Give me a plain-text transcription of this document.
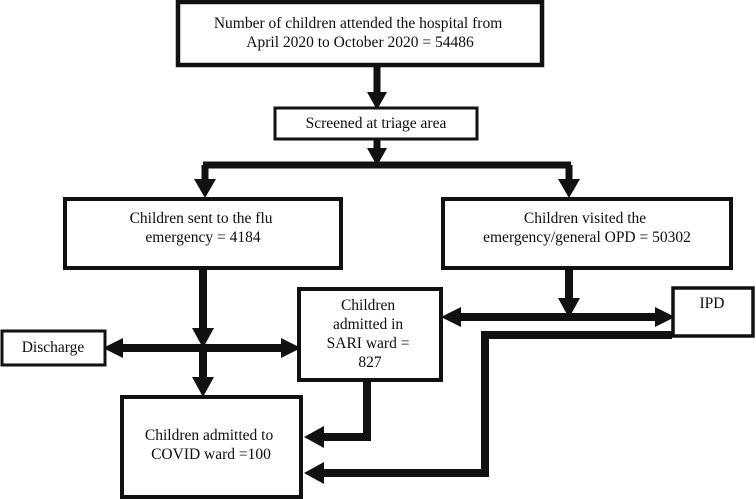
Number of children attended the hospital from April 2020 to October 2020 = 54486
Screened at triage area
Children sent to the flu emergency = 4184
Children visited the emergency/general OPD = 50302
Discharge
Children admitted in SARI ward = 827
IPD
Children admitted to COVID ward =100
